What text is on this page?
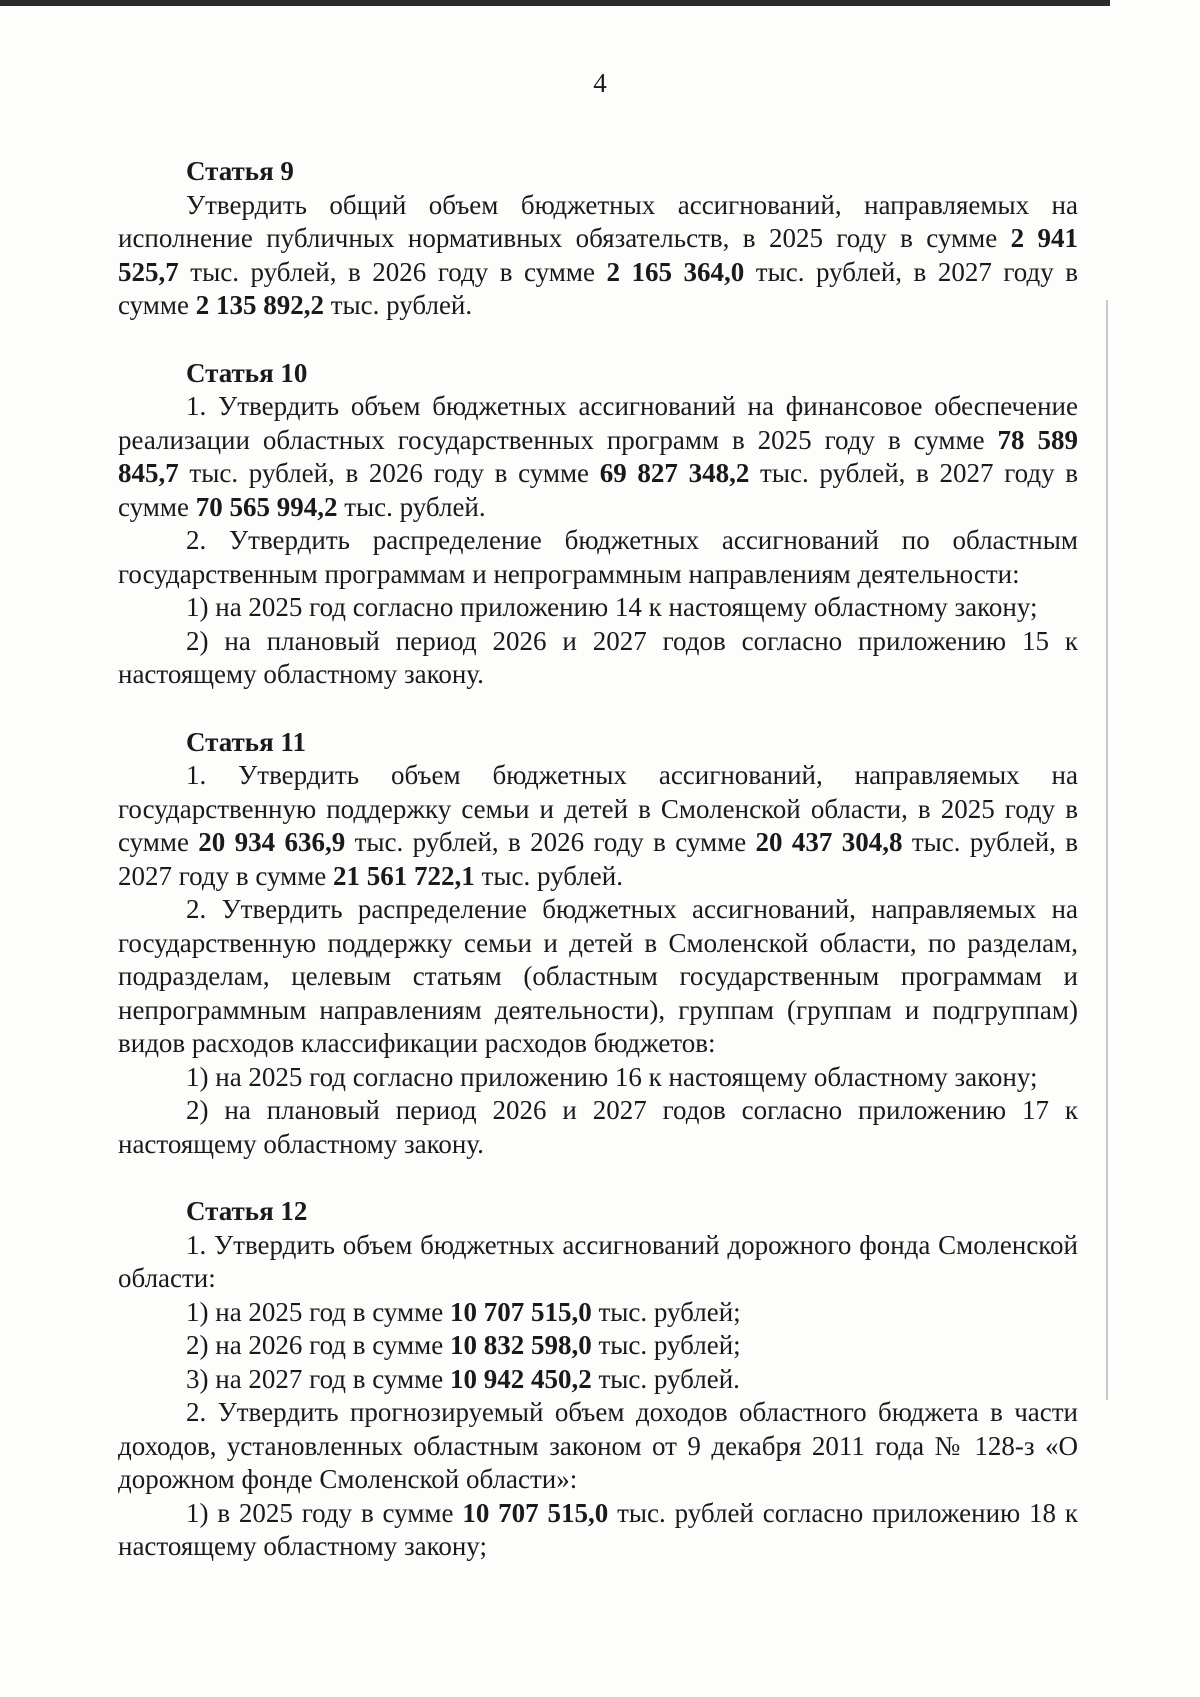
4
Статья 9

Утвердить общий объем бюджетных ассигнований, направляемых на исполнение публичных нормативных обязательств, в 2025 году в сумме 2 941 525,7 тыс. рублей, в 2026 году в сумме 2 165 364,0 тыс. рублей, в 2027 году в сумме 2 135 892,2 тыс. рублей.

Статья 10

1. Утвердить объем бюджетных ассигнований на финансовое обеспечение реализации областных государственных программ в 2025 году в сумме 78 589 845,7 тыс. рублей, в 2026 году в сумме 69 827 348,2 тыс. рублей, в 2027 году в сумме 70 565 994,2 тыс. рублей.

2. Утвердить распределение бюджетных ассигнований по областным государственным программам и непрограммным направлениям деятельности:

1) на 2025 год согласно приложению 14 к настоящему областному закону;

2) на плановый период 2026 и 2027 годов согласно приложению 15 к настоящему областному закону.

Статья 11

1. Утвердить объем бюджетных ассигнований, направляемых на государственную поддержку семьи и детей в Смоленской области, в 2025 году в сумме 20 934 636,9 тыс. рублей, в 2026 году в сумме 20 437 304,8 тыс. рублей, в 2027 году в сумме 21 561 722,1 тыс. рублей.

2. Утвердить распределение бюджетных ассигнований, направляемых на государственную поддержку семьи и детей в Смоленской области, по разделам, подразделам, целевым статьям (областным государственным программам и непрограммным направлениям деятельности), группам (группам и подгруппам) видов расходов классификации расходов бюджетов:

1) на 2025 год согласно приложению 16 к настоящему областному закону;

2) на плановый период 2026 и 2027 годов согласно приложению 17 к настоящему областному закону.

Статья 12

1. Утвердить объем бюджетных ассигнований дорожного фонда Смоленской области:

1) на 2025 год в сумме 10 707 515,0 тыс. рублей;

2) на 2026 год в сумме 10 832 598,0 тыс. рублей;

3) на 2027 год в сумме 10 942 450,2 тыс. рублей.

2. Утвердить прогнозируемый объем доходов областного бюджета в части доходов, установленных областным законом от 9 декабря 2011 года № 128-з «О дорожном фонде Смоленской области»:

1) в 2025 году в сумме 10 707 515,0 тыс. рублей согласно приложению 18 к настоящему областному закону;
